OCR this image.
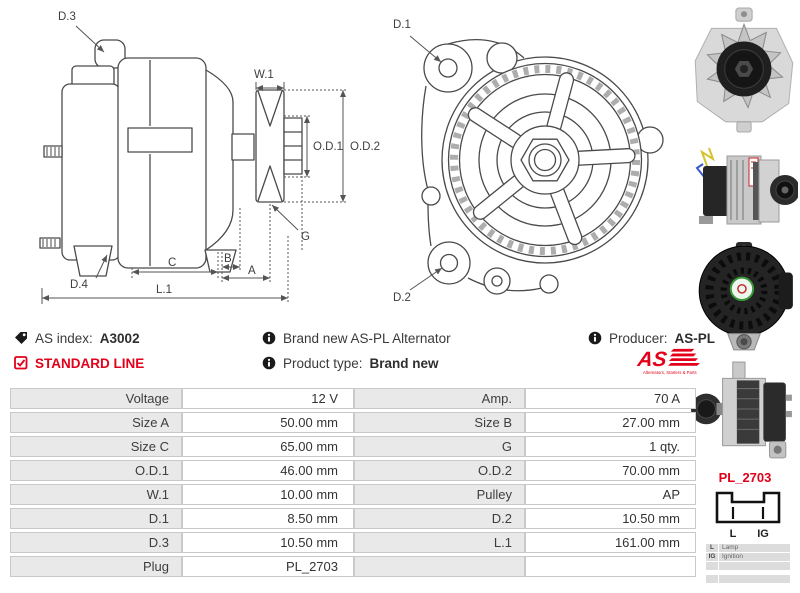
D.3
W.1
O.D.1 O.D.2
G
D.4
C	B
A
L.1
D.1
D.2
PL_2703
L IG
L	Lamp
IG	Ignition
AS index: A3002	Brand new AS-PL Alternator	Producer: AS-PL
STANDARD LINE	Product type: Brand new	AS
Alternators, Starters & Parts
Voltage	12 V	Amp.	70 A
Size A	50.00 mm	Size B	27.00 mm
Size C	65.00 mm	G	1 qty.
O.D.1	46.00 mm	O.D.2	70.00 mm
W.1	10.00 mm	Pulley	AP
D.1	8.50 mm	D.2	10.50 mm
D.3	10.50 mm	L.1	161.00 mm
Plug	PL_2703
